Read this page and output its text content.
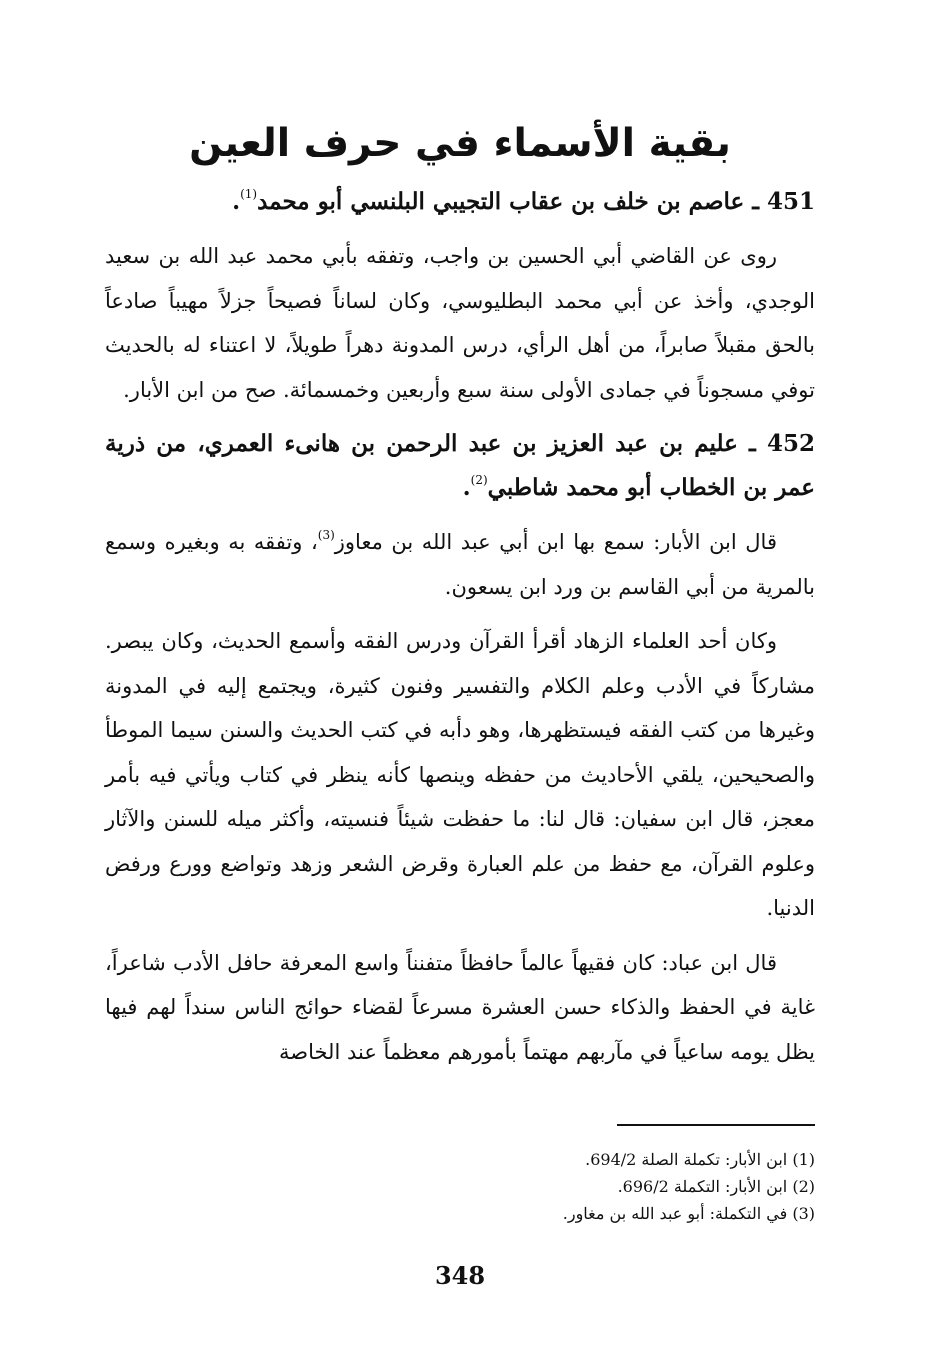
بقية الأسماء في حرف العين

451 ـ عاصم بن خلف بن عقاب التجيبي البلنسي أبو محمد$^{(1)}$.

روى عن القاضي أبي الحسين بن واجب، وتفقه بأبي محمد عبد الله بن سعيد الوجدي، وأخذ عن أبي محمد البطليوسي، وكان لساناً فصيحاً جزلاً مهيباً صادعاً بالحق مقبلاً صابراً، من أهل الرأي، درس المدونة دهراً طويلاً، لا اعتناء له بالحديث توفي مسجوناً في جمادى الأولى سنة سبع وأربعين وخمسمائة. صح من ابن الأبار.

452 ـ عليم بن عبد العزيز بن عبد الرحمن بن هانىء العمري، من ذرية عمر بن الخطاب أبو محمد شاطبي$^{(2)}$.

قال ابن الأبار: سمع بها ابن أبي عبد الله بن معاوز$^{(3)}$، وتفقه به وبغيره وسمع بالمرية من أبي القاسم بن ورد ابن يسعون.

وكان أحد العلماء الزهاد أقرأ القرآن ودرس الفقه وأسمع الحديث، وكان يبصر. مشاركاً في الأدب وعلم الكلام والتفسير وفنون كثيرة، ويجتمع إليه في المدونة وغيرها من كتب الفقه فيستظهرها، وهو دأبه في كتب الحديث والسنن سيما الموطأ والصحيحين، يلقي الأحاديث من حفظه وينصها كأنه ينظر في كتاب ويأتي فيه بأمر معجز، قال ابن سفيان: قال لنا: ما حفظت شيئاً فنسيته، وأكثر ميله للسنن والآثار وعلوم القرآن، مع حفظ من علم العبارة وقرض الشعر وزهد وتواضع وورع ورفض الدنيا.

قال ابن عباد: كان فقيهاً عالماً حافظاً متفنناً واسع المعرفة حافل الأدب شاعراً، غاية في الحفظ والذكاء حسن العشرة مسرعاً لقضاء حوائج الناس سنداً لهم فيها يظل يومه ساعياً في مآربهم مهتماً بأمورهم معظماً عند الخاصة

(1) ابن الأبار: تكملة الصلة 694/2.
(2) ابن الأبار: التكملة 696/2.
(3) في التكملة: أبو عبد الله بن مغاور.
348
